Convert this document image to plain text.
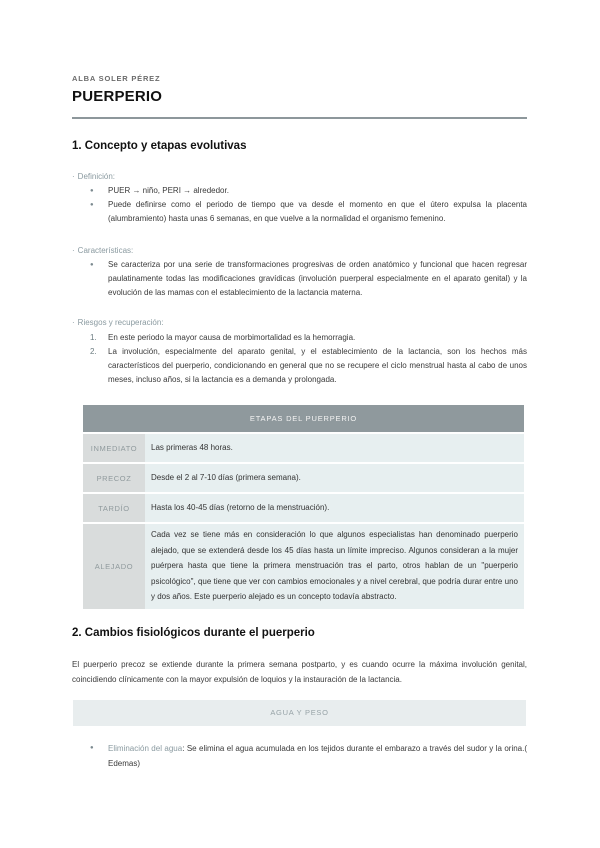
ALBA SOLER PÉREZ
PUERPERIO
1. Concepto y etapas evolutivas
· Definición:
● PUER → niño, PERI → alrededor.
● Puede definirse como el periodo de tiempo que va desde el momento en que el útero expulsa la placenta (alumbramiento) hasta unas 6 semanas, en que vuelve a la normalidad el organismo femenino.
· Características:
● Se caracteriza por una serie de transformaciones progresivas de orden anatómico y funcional que hacen regresar paulatinamente todas las modificaciones gravídicas (involución puerperal especialmente en el aparato genital) y la evolución de las mamas con el establecimiento de la lactancia materna.
· Riesgos y recuperación:
1. En este periodo la mayor causa de morbimortalidad es la hemorragia.
2. La involución, especialmente del aparato genital, y el establecimiento de la lactancia, son los hechos más característicos del puerperio, condicionando en general que no se recupere el ciclo menstrual hasta al cabo de unos meses, incluso años, si la lactancia es a demanda y prolongada.
ETAPAS DEL PUERPERIO	
INMEDIATO	Las primeras 48 horas.
PRECOZ	Desde el 2 al 7-10 días (primera semana).
TARDÍO	Hasta los 40-45 días (retorno de la menstruación).
ALEJADO	Cada vez se tiene más en consideración lo que algunos especialistas han denominado puerperio alejado, que se extenderá desde los 45 días hasta un límite impreciso. Algunos consideran a la mujer puérpera hasta que tiene la primera menstruación tras el parto, otros hablan de un "puerperio psicológico", que tiene que ver con cambios emocionales y a nivel cerebral, que podría durar entre uno y dos años. Este puerperio alejado es un concepto todavía abstracto.
2. Cambios fisiológicos durante el puerperio
El puerperio precoz se extiende durante la primera semana postparto, y es cuando ocurre la máxima involución genital, coincidiendo clínicamente con la mayor expulsión de loquios y la instauración de la lactancia.
AGUA Y PESO
● Eliminación del agua: Se elimina el agua acumulada en los tejidos durante el embarazo a través del sudor y la orina.( Edemas)
